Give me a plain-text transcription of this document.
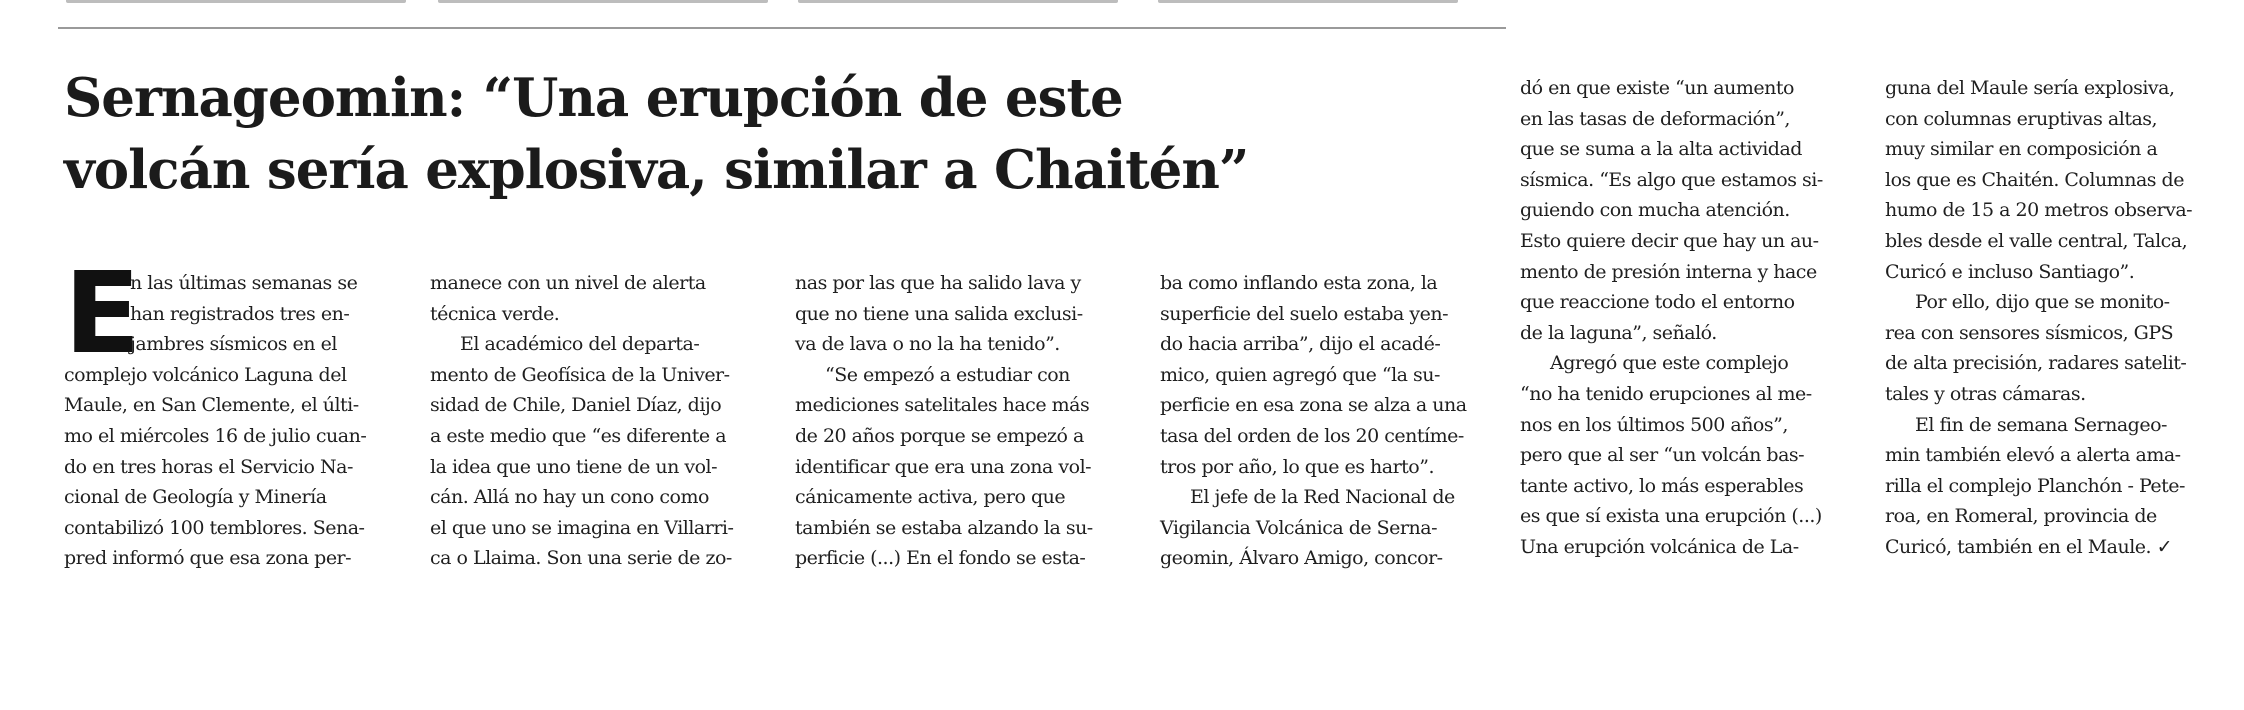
Sernageomin: “Una erupción de este
volcán sería explosiva, similar a Chaitén”
E

n las últimas semanas se
han registrados tres en-
jambres sísmicos en el
complejo volcánico Laguna del
Maule, en San Clemente, el últi-
mo el miércoles 16 de julio cuan-
do en tres horas el Servicio Na-
cional de Geología y Minería
contabilizó 100 temblores. Sena-
pred informó que esa zona per-

manece con un nivel de alerta
técnica verde.

El académico del departa-
mento de Geofísica de la Univer-
sidad de Chile, Daniel Díaz, dijo
a este medio que “es diferente a
la idea que uno tiene de un vol-
cán. Allá no hay un cono como
el que uno se imagina en Villarri-
ca o Llaima. Son una serie de zo-

nas por las que ha salido lava y
que no tiene una salida exclusi-
va de lava o no la ha tenido”.

“Se empezó a estudiar con
mediciones satelitales hace más
de 20 años porque se empezó a
identificar que era una zona vol-
cánicamente activa, pero que
también se estaba alzando la su-
perficie (...) En el fondo se esta-

ba como inflando esta zona, la
superficie del suelo estaba yen-
do hacia arriba”, dijo el acadé-
mico, quien agregó que “la su-
perficie en esa zona se alza a una
tasa del orden de los 20 centíme-
tros por año, lo que es harto”.

El jefe de la Red Nacional de
Vigilancia Volcánica de Serna-
geomin, Álvaro Amigo, concor-

dó en que existe “un aumento
en las tasas de deformación”,
que se suma a la alta actividad
sísmica. “Es algo que estamos si-
guiendo con mucha atención.
Esto quiere decir que hay un au-
mento de presión interna y hace
que reaccione todo el entorno
de la laguna”, señaló.

Agregó que este complejo
“no ha tenido erupciones al me-
nos en los últimos 500 años”,
pero que al ser “un volcán bas-
tante activo, lo más esperables
es que sí exista una erupción (...)
Una erupción volcánica de La-

guna del Maule sería explosiva,
con columnas eruptivas altas,
muy similar en composición a
los que es Chaitén. Columnas de
humo de 15 a 20 metros observa-
bles desde el valle central, Talca,
Curicó e incluso Santiago”.

Por ello, dijo que se monito-
rea con sensores sísmicos, GPS
de alta precisión, radares satelit-
tales y otras cámaras.

El fin de semana Sernageo-
min también elevó a alerta ama-
rilla el complejo Planchón - Pete-
roa, en Romeral, provincia de
Curicó, también en el Maule. ✓
